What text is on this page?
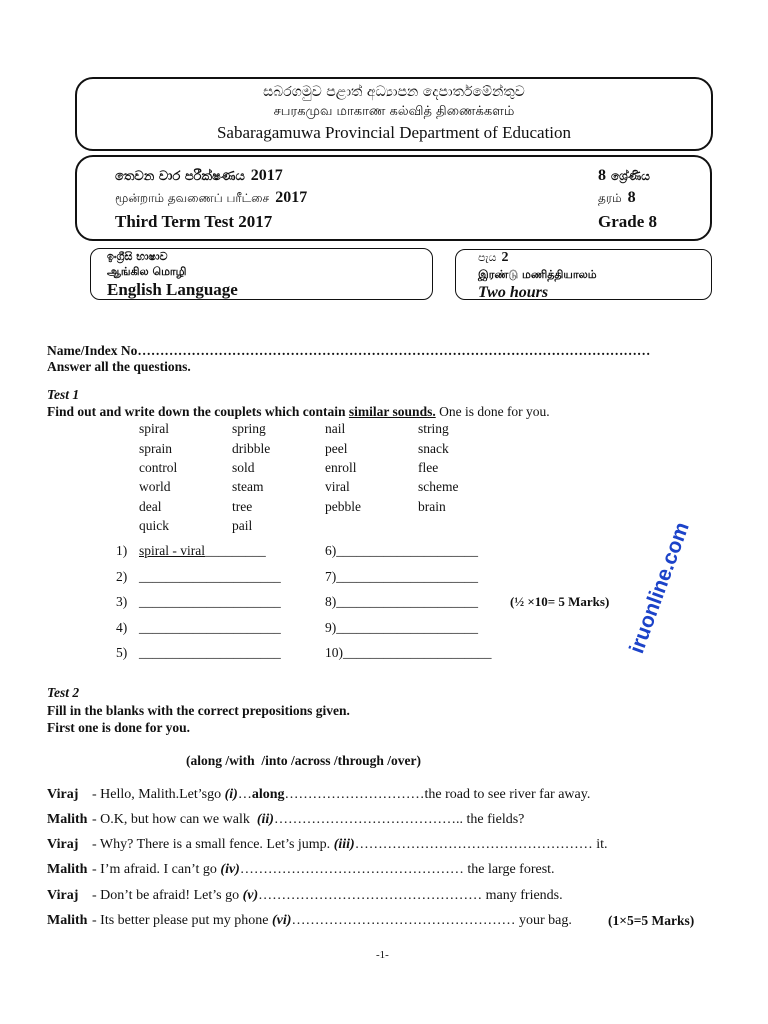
සබරගමුව පළාත් අධ්‍යාපන දෙපාර්තමේන්තුව
சபரகமுவ மாகாண கல்வித் திணைக்களம்
Sabaragamuwa Provincial Department of Education
තෙවන වාර පරීක්ෂණය 2017	8 ශ්‍රේණිය
மூன்றாம் தவணைப் பரீட்சை 2017	தரம் 8
Third Term Test 2017	Grade 8
ඉංග්‍රීසි භාෂාව
ஆங்கில மொழி
English Language
පැය 2
இரண்டு மணித்தியாலம்
Two hours
Name/Index No ……………………………………………………………………………………………………
Answer all the questions.
Test 1
Find out and write down the couplets which contain similar sounds. One is done for you.
spiral	spring	nail	string
sprain	dribble	peel	snack
control	sold	enroll	flee
world	steam	viral	scheme
deal	tree	pebble	brain
quick	pail
1) spiral - viral _________	6) _____________________
2) _____________________	7) _____________________
3) _____________________	8) _____________________ (½ ×10= 5 Marks)
4) _____________________	9) _____________________
5) _____________________	10) ______________________	iruonline.com
Test 2
Fill in the blanks with the correct prepositions given.
First one is done for you.
(along /with  /into /across /through /over)
Viraj - Hello, Malith.Let’sgo (i) … along ………………………… the road to see river far away.
Malith - O.K, but how can we walk (ii) ………………………………….. the fields?
Viraj - Why? There is a small fence. Let’s jump. (iii) …………………………………………… it.
Malith - I’m afraid. I can’t go (iv) ………………………………………… the large forest.
Viraj - Don’t be afraid! Let’s go (v) ………………………………………… many friends.
Malith - Its better please put my phone (vi) ………………………………………… your bag.	(1×5=5 Marks)
-1-
